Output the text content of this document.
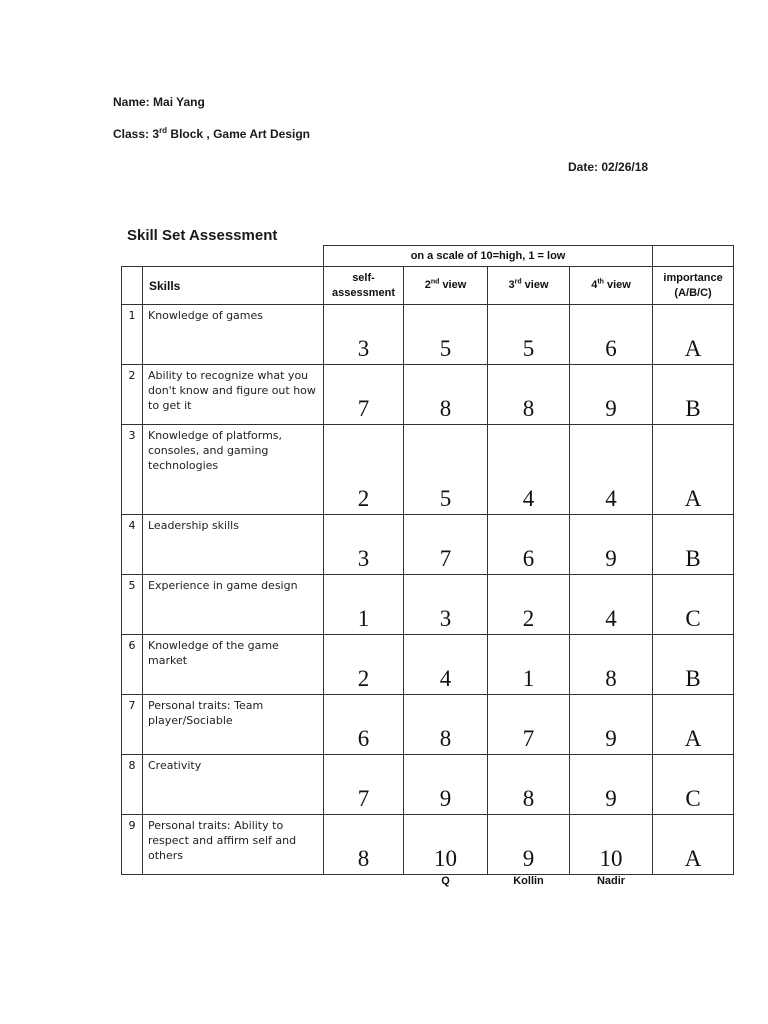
Name: Mai Yang
Class: 3rd Block , Game Art Design
Date: 02/26/18
Skill Set Assessment
		on a scale of 10=high, 1 = low				
	Skills	self-assessment	2nd view	3rd view	4th view	importance (A/B/C)
1	Knowledge of games	3	5	5	6	A
2	Ability to recognize what you don't know and figure out how to get it	7	8	8	9	B
3	Knowledge of platforms, consoles, and gaming technologies	2	5	4	4	A
4	Leadership skills	3	7	6	9	B
5	Experience in game design	1	3	2	4	C
6	Knowledge of the game market	2	4	1	8	B
7	Personal traits: Team player/Sociable	6	8	7	9	A
8	Creativity	7	9	8	9	C
9	Personal traits: Ability to respect and affirm self and others	8	10	9	10	A
			Q	Kollin	Nadir	
